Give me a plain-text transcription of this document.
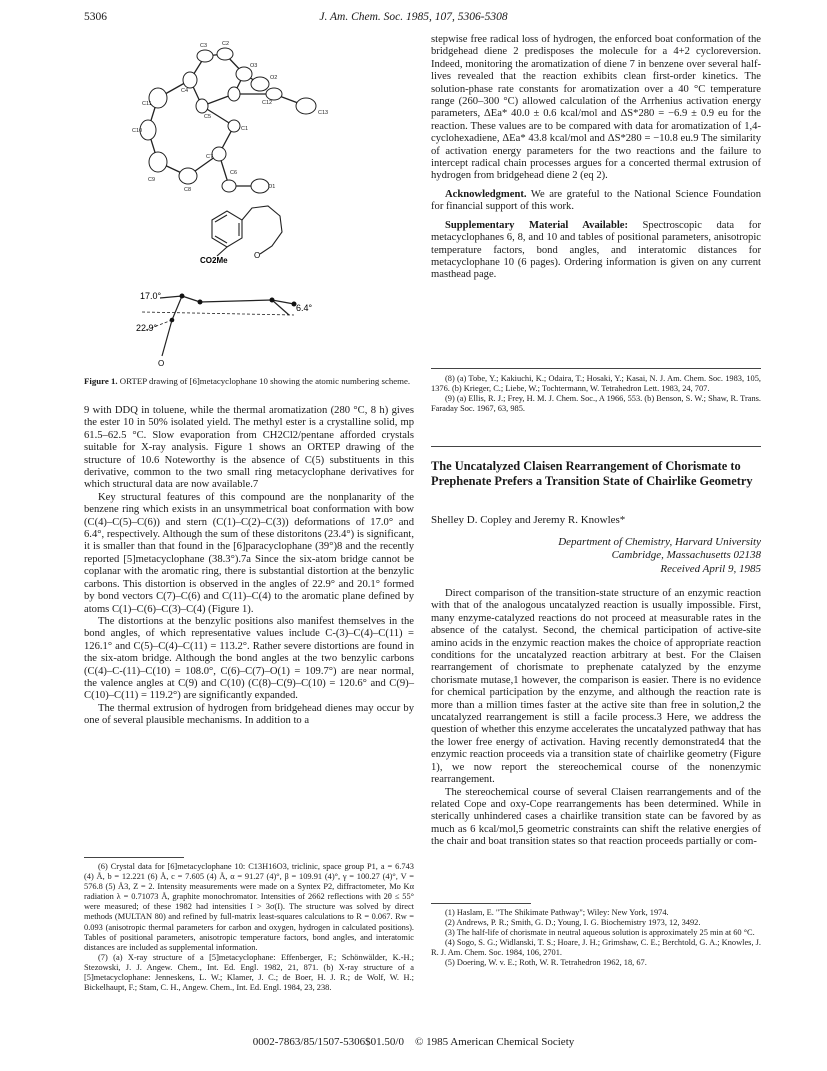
5306	J. Am. Chem. Soc. 1985, 107, 5306-5308
C3	C2
O3
O2
C4
C5
C11	C12
C13
C10	C1
C7
C9
C8
C6
O1
CO2Me
O
17.0°
22.9°
6.4°
O
Figure 1. ORTEP drawing of [6]metacyclophane 10 showing the atomic numbering scheme.

9 with DDQ in toluene, while the thermal aromatization (280 °C, 8 h) gives the ester 10 in 50% isolated yield. The methyl ester is a crystalline solid, mp 61.5–62.5 °C. Slow evaporation from CH2Cl2/pentane afforded crystals suitable for X-ray analysis. Figure 1 shows an ORTEP drawing of the structure of 10.6 Noteworthy is the absence of C(5) substituents in this derivative, common to the two small ring metacyclophane derivatives for which structural data are now available.7

Key structural features of this compound are the nonplanarity of the benzene ring which exists in an unsymmetrical boat conformation with bow (C(4)–C(5)–C(6)) and stern (C(1)–C(2)–C(3)) deformations of 17.0° and 6.4°, respectively. Although the sum of these distoritons (23.4°) is significant, it is smaller than that found in the [6]paracyclophane (39°)8 and the recently reported [5]metacyclophane (38.3°).7a Since the six-atom bridge cannot be coplanar with the aromatic ring, there is substantial distortion at the benzylic carbons. This distortion is observed in the angles of 22.9° and 20.1° formed by bond vectors C(7)–C(6) and C(11)–C(4) to the aromatic plane defined by atoms C(1)–C(6)–C(3)–C(4) (Figure 1).

The distortions at the benzylic positions also manifest themselves in the bond angles, of which representative values include C-(3)–C(4)–C(11) = 126.1° and C(5)–C(4)–C(11) = 113.2°. Rather severe distortions are found in the six-atom bridge. Although the bond angles at the two benzylic carbons (C(4)–C-(11)–C(10) = 108.0°, C(6)–C(7)–O(1) = 109.7°) are near normal, the valence angles at C(9) and C(10) (C(8)–C(9)–C(10) = 120.6° and C(9)–C(10)–C(11) = 119.2°) are significantly expanded.

The thermal extrusion of hydrogen from bridgehead dienes may occur by one of several plausible mechanisms. In addition to a

(6) Crystal data for [6]metacyclophane 10: C13H16O3, triclinic, space group P1, a = 6.743 (4) Å, b = 12.221 (6) Å, c = 7.605 (4) Å, α = 91.27 (4)°, β = 109.91 (4)°, γ = 100.27 (4)°, V = 576.8 (5) Å3, Z = 2. Intensity measurements were made on a Syntex P2, diffractometer, Mo Kα radiation λ = 0.71073 Å, graphite monochromator. Intensities of 2662 reflections with 2θ ≤ 55° were measured; of these 1982 had intensities I > 3σ(I). The structure was solved by direct methods (MULTAN 80) and refined by full-matrix least-squares calculations to R = 0.067. Rw = 0.093 (anisotropic thermal parameters for carbon and oxygen, hydrogen in calculated positions). Tables of positional parameters, anisotropic temperature factors, bond angles, and interatomic distances are included as supplemental information.

(7) (a) X-ray structure of a [5]metacyclophane: Effenberger, F.; Schönwälder, K.-H.; Stezowski, J. J. Angew. Chem., Int. Ed. Engl. 1982, 21, 871. (b) X-ray structure of a [5]metacyclophane: Jenneskens, L. W.; Klamer, J. C.; de Boer, H. J. R.; de Wolf, W. H.; Bickelhaupt, F.; Stam, C. H., Angew. Chem., Int. Ed. Engl. 1984, 23, 238.

stepwise free radical loss of hydrogen, the enforced boat conformation of the bridgehead diene 2 predisposes the molecule for a 4+2 cycloreversion. Indeed, monitoring the aromatization of diene 7 in benzene over several half-lives revealed that the reaction exhibits clean first-order kinetics. The solution-phase rate constants for aromatization over a 40 °C temperature range (260–300 °C) allowed calculation of the Arrhenius activation energy parameters, ΔEa* 40.0 ± 0.6 kcal/mol and ΔS*280 = −6.9 ± 0.9 eu for the reaction. These values are to be compared with data for aromatization of 1,4-cyclohexadiene, ΔEa* 43.8 kcal/mol and ΔS*280 = −10.8 eu.9 The similarity of activation energy parameters for the two reactions and the failure to intercept radical chain processes argues for a concerted thermal extrusion of hydrogen from bridgehead diene 2 (eq 2).

Acknowledgment. We are grateful to the National Science Foundation for financial support of this work.

Supplementary Material Available: Spectroscopic data for metacyclophanes 6, 8, and 10 and tables of positional parameters, anisotropic temperature factors, bond angles, and interatomic distances for metacyclophane 10 (6 pages). Ordering information is given on any current masthead page.

(8) (a) Tobe, Y.; Kakiuchi, K.; Odaira, T.; Hosaki, Y.; Kasai, N. J. Am. Chem. Soc. 1983, 105, 1376. (b) Krieger, C.; Liebe, W.; Tochtermann, W. Tetrahedron Lett. 1983, 24, 707.

(9) (a) Ellis, R. J.; Frey, H. M. J. Chem. Soc., A 1966, 553. (b) Benson, S. W.; Shaw, R. Trans. Faraday Soc. 1967, 63, 985.

The Uncatalyzed Claisen Rearrangement of Chorismate to Prephenate Prefers a Transition State of Chairlike Geometry
Shelley D. Copley and Jeremy R. Knowles*
Department of Chemistry, Harvard University
Cambridge, Massachusetts 02138
Received April 9, 1985

Direct comparison of the transition-state structure of an enzymic reaction with that of the analogous uncatalyzed reaction is usually impossible. First, many enzyme-catalyzed reactions do not proceed at measurable rates in the absence of the catalyst. Second, the chemical participation of active-site amino acids in the enzymic reaction makes the choice of appropriate reaction conditions for the uncatalyzed reaction arbitrary at best. For the Claisen rearrangement of chorismate to prephenate catalyzed by the enzyme chorismate mutase,1 however, the comparison is easier. There is no evidence for chemical participation by the enzyme, and although the reaction rate is more than a million times faster at the active site than free in solution,2 the uncatalyzed rearrangement is still a facile process.3 Here, we address the question of whether this enzyme accelerates the uncatalyzed pathway that has the lower free energy of activation. Having recently demonstrated4 that the enzymic reaction proceeds via a transition state of chairlike geometry (Figure 1), we now report the stereochemical course of the nonenzymic rearrangement.

The stereochemical course of several Claisen rearrangements and of the related Cope and oxy-Cope rearrangements has been determined. While in sterically unhindered cases a chairlike transition state can be favored by as much as 6 kcal/mol,5 geometric constraints can shift the relative energies of the chair and boat transition states so that reaction proceeds partially or com-

(1) Haslam, E. "The Shikimate Pathway"; Wiley: New York, 1974.

(2) Andrews, P. R.; Smith, G. D.; Young, I. G. Biochemistry 1973, 12, 3492.

(3) The half-life of chorismate in neutral aqueous solution is approximately 25 min at 60 °C.

(4) Sogo, S. G.; Widlanski, T. S.; Hoare, J. H.; Grimshaw, C. E.; Berchtold, G. A.; Knowles, J. R. J. Am. Chem. Soc. 1984, 106, 2701.

(5) Doering, W. v. E.; Roth, W. R. Tetrahedron 1962, 18, 67.

0002-7863/85/1507-5306$01.50/0 © 1985 American Chemical Society
